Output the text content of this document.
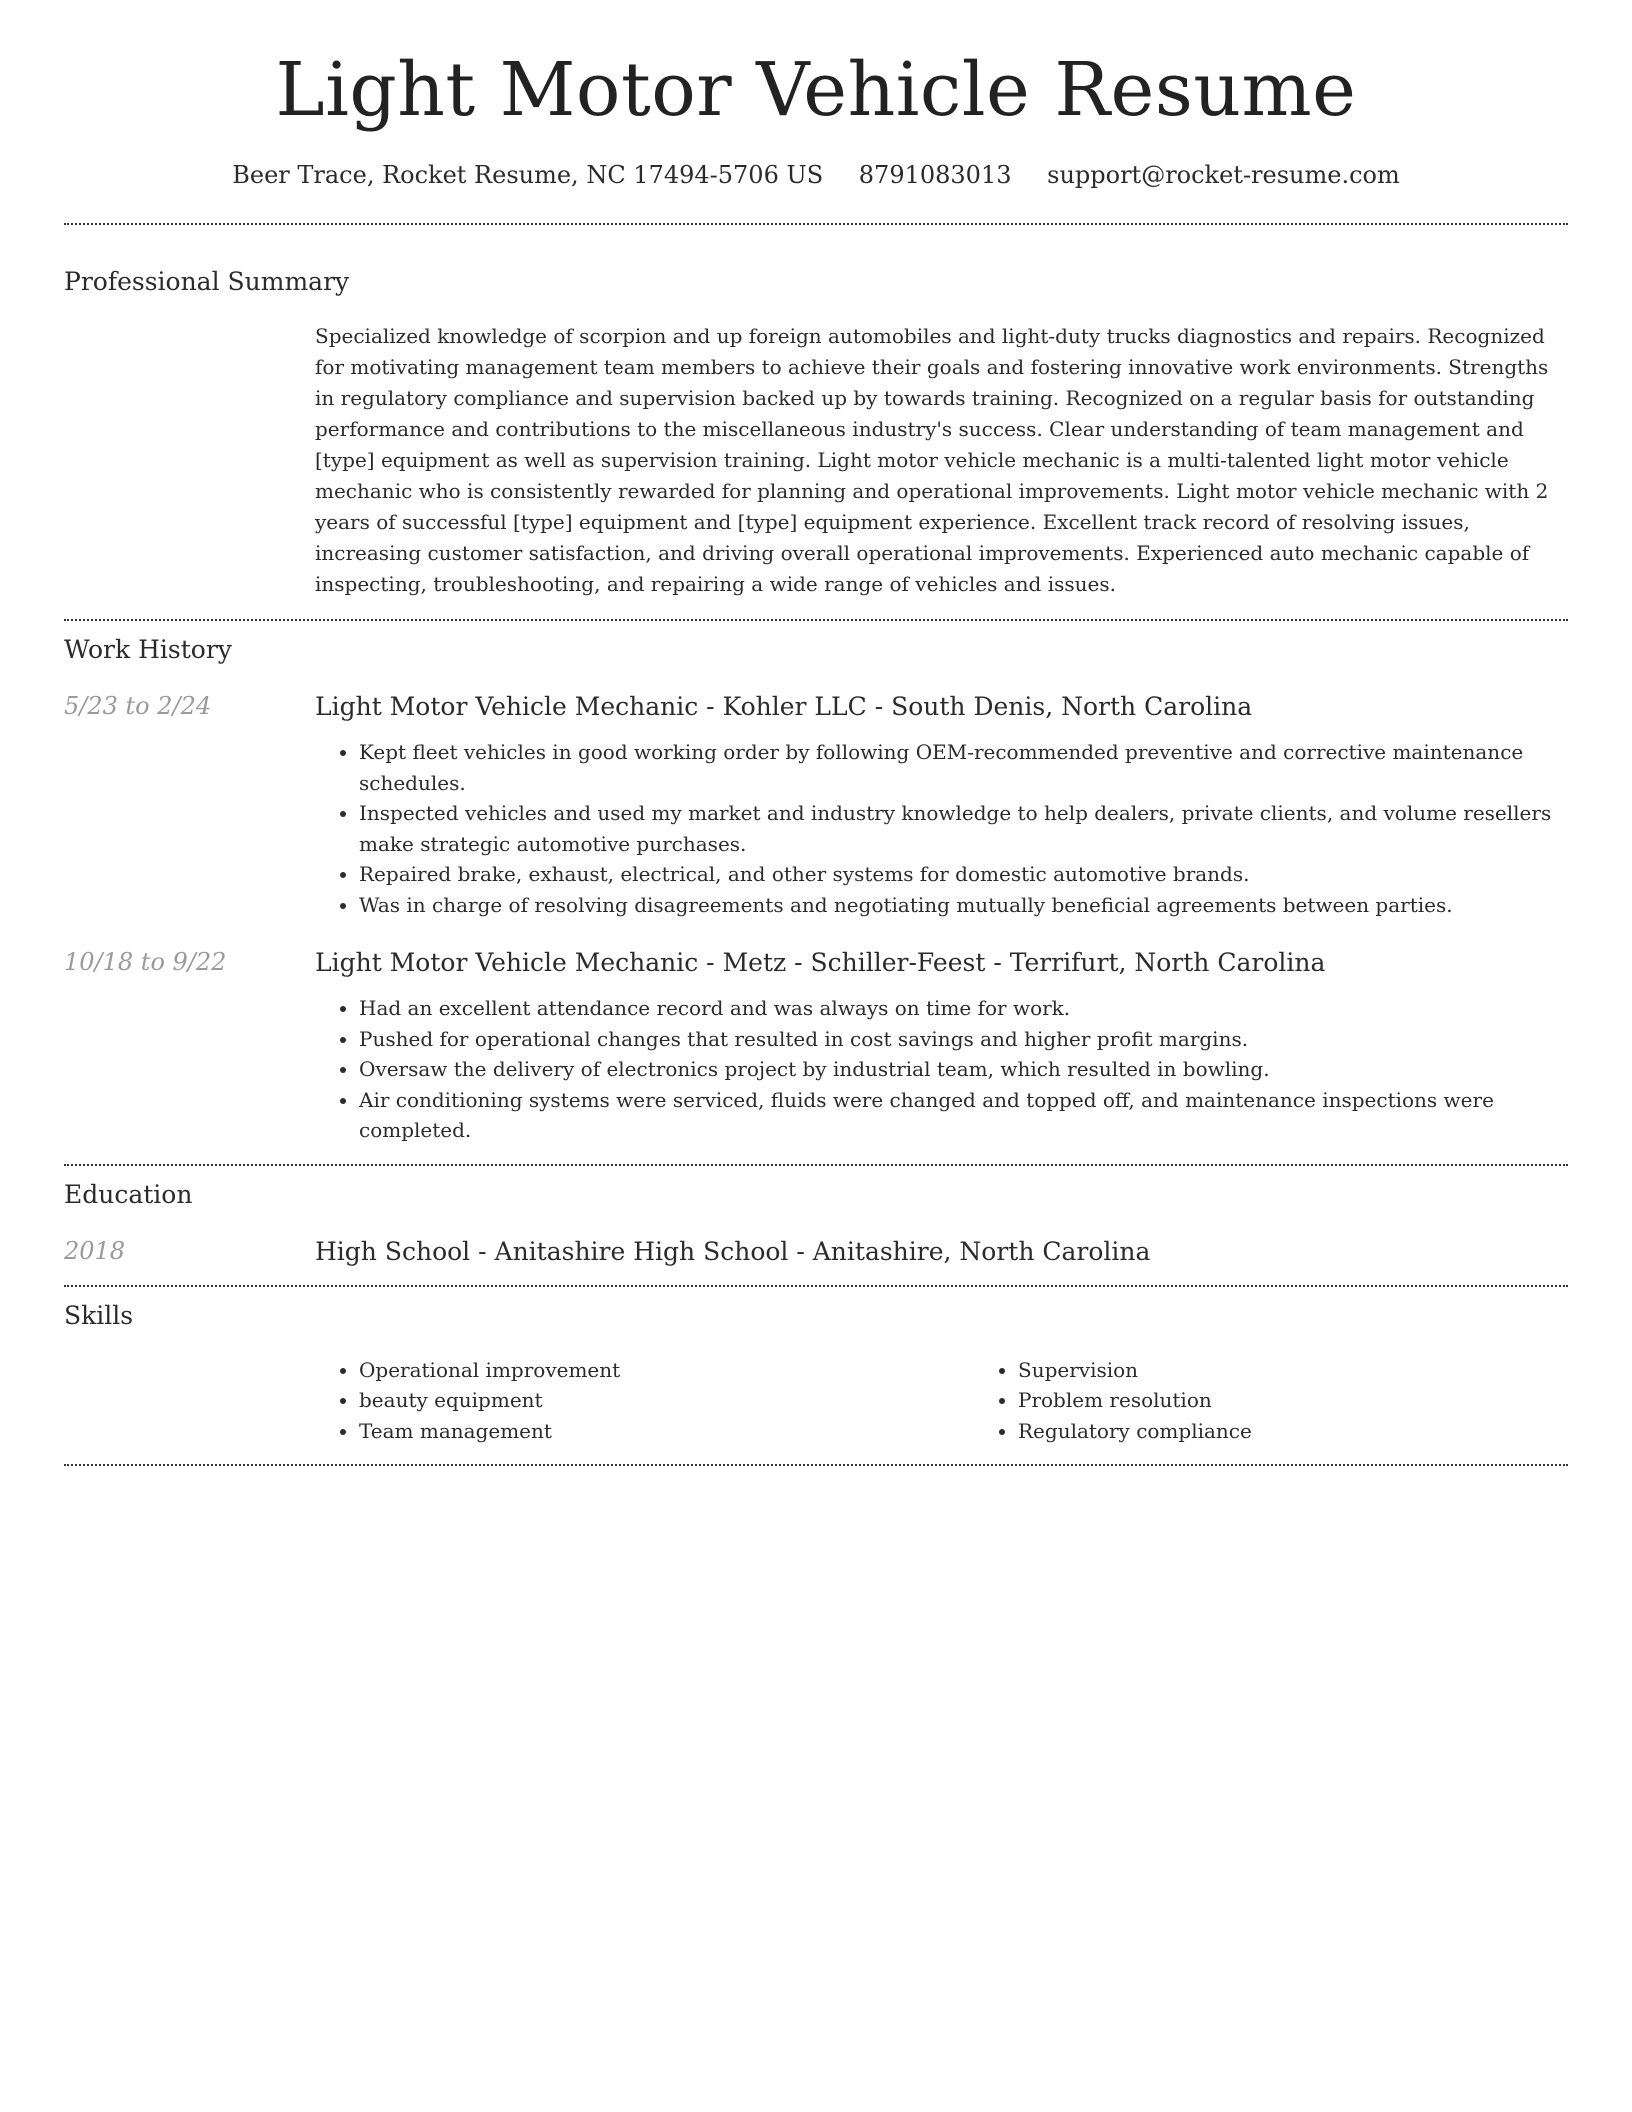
Light Motor Vehicle Resume
Beer Trace, Rocket Resume, NC 17494-5706 US 8791083013 support@rocket-resume.com
Professional Summary

Specialized knowledge of scorpion and up foreign automobiles and light-duty trucks diagnostics and repairs. Recognized for motivating management team members to achieve their goals and fostering innovative work environments. Strengths in regulatory compliance and supervision backed up by towards training. Recognized on a regular basis for outstanding performance and contributions to the miscellaneous industry's success. Clear understanding of team management and [type] equipment as well as supervision training. Light motor vehicle mechanic is a multi-talented light motor vehicle mechanic who is consistently rewarded for planning and operational improvements. Light motor vehicle mechanic with 2 years of successful [type] equipment and [type] equipment experience. Excellent track record of resolving issues, increasing customer satisfaction, and driving overall operational improvements. Experienced auto mechanic capable of inspecting, troubleshooting, and repairing a wide range of vehicles and issues.

Work History
5/23 to 2/24	Light Motor Vehicle Mechanic - Kohler LLC - South Denis, North Carolina
• Kept fleet vehicles in good working order by following OEM-recommended preventive and corrective maintenance schedules.
• Inspected vehicles and used my market and industry knowledge to help dealers, private clients, and volume resellers make strategic automotive purchases.
• Repaired brake, exhaust, electrical, and other systems for domestic automotive brands.
• Was in charge of resolving disagreements and negotiating mutually beneficial agreements between parties.
10/18 to 9/22	Light Motor Vehicle Mechanic - Metz - Schiller-Feest - Terrifurt, North Carolina
• Had an excellent attendance record and was always on time for work.
• Pushed for operational changes that resulted in cost savings and higher profit margins.
• Oversaw the delivery of electronics project by industrial team, which resulted in bowling.
• Air conditioning systems were serviced, fluids were changed and topped off, and maintenance inspections were completed.
Education
2018	High School - Anitashire High School - Anitashire, North Carolina
Skills
• Operational improvement
• beauty equipment
• Team management
• Supervision
• Problem resolution
• Regulatory compliance
